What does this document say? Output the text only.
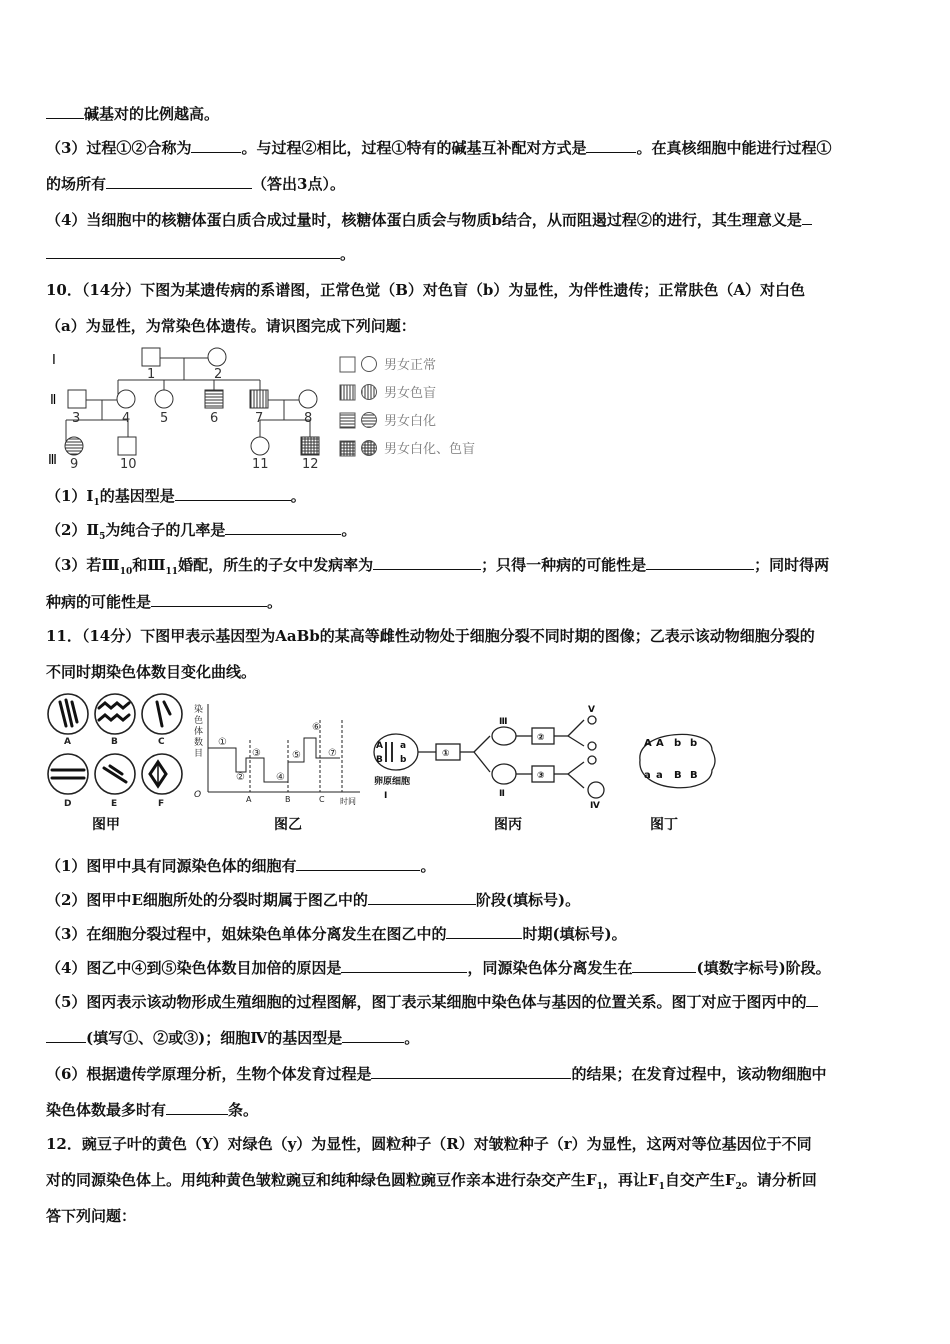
碱基对的比例越高。
（3）过程①②合称为	。与过程②相比，过程①特有的碱基互补配对方式是	。在真核细胞中能进行过程①
的场所有	（答出3点）。
（4）当细胞中的核糖体蛋白质合成过量时，核糖体蛋白质会与物质b结合，从而阻遏过程②的进行，其生理意义是
。
10．（14分）下图为某遗传病的系谱图，正常色觉（B）对色盲（b）为显性，为伴性遗传；正常肤色（A）对白色
（a）为显性，为常染色体遗传。请识图完成下列问题：
Ⅰ
Ⅱ
Ⅲ
1	2
3	4 5	6	7	8
9	10	11	12
男女正常
男女色盲
男女白化
男女白化、色盲
$(1)Ⅰ_1$的基因型是	。
$(2)Ⅱ_5$为纯合子的几率是	。
（3）若$Ⅲ_{10}$和$Ⅲ_{11}$婚配，所生的子女中发病率为	；只得一种病的可能性是	；同时得两
种病的可能性是	。
11．（14分）下图甲表示基因型为AaBb的某高等雌性动物处于细胞分裂不同时期的图像；乙表示该动物细胞分裂的
不同时期染色体数目变化曲线。
A	B	C
D	E	F
图甲
染
色
体
数
目
O
①
②
③
④
⑤
⑥
⑦
A	B	C 时间
图乙
A a
B b
卵原细胞
Ⅰ
①
②
③
Ⅱ
Ⅲ
Ⅳ
Ⅴ
图丙
A A b b
a a B B
图丁
（1）图甲中具有同源染色体的细胞有	。
（2）图甲中E细胞所处的分裂时期属于图乙中的	阶段(填标号)。
（3）在细胞分裂过程中，姐妹染色单体分离发生在图乙中的	时期(填标号)。
（4）图乙中④到⑤染色体数目加倍的原因是	，同源染色体分离发生在	(填数字标号)阶段。
（5）图丙表示该动物形成生殖细胞的过程图解，图丁表示某细胞中染色体与基因的位置关系。图丁对应于图丙中的
(填写①、②或③)；细胞Ⅳ的基因型是	。
（6）根据遗传学原理分析，生物个体发育过程是	的结果；在发育过程中，该动物细胞中
染色体数最多时有	条。
12．豌豆子叶的黄色（Y）对绿色（y）为显性，圆粒种子（R）对皱粒种子（r）为显性，这两对等位基因位于不同
对的同源染色体上。用纯种黄色皱粒豌豆和纯种绿色圆粒豌豆作亲本进行杂交产生$F_1$，再让$F_1$自交产生$F_2$。请分析回
答下列问题：
